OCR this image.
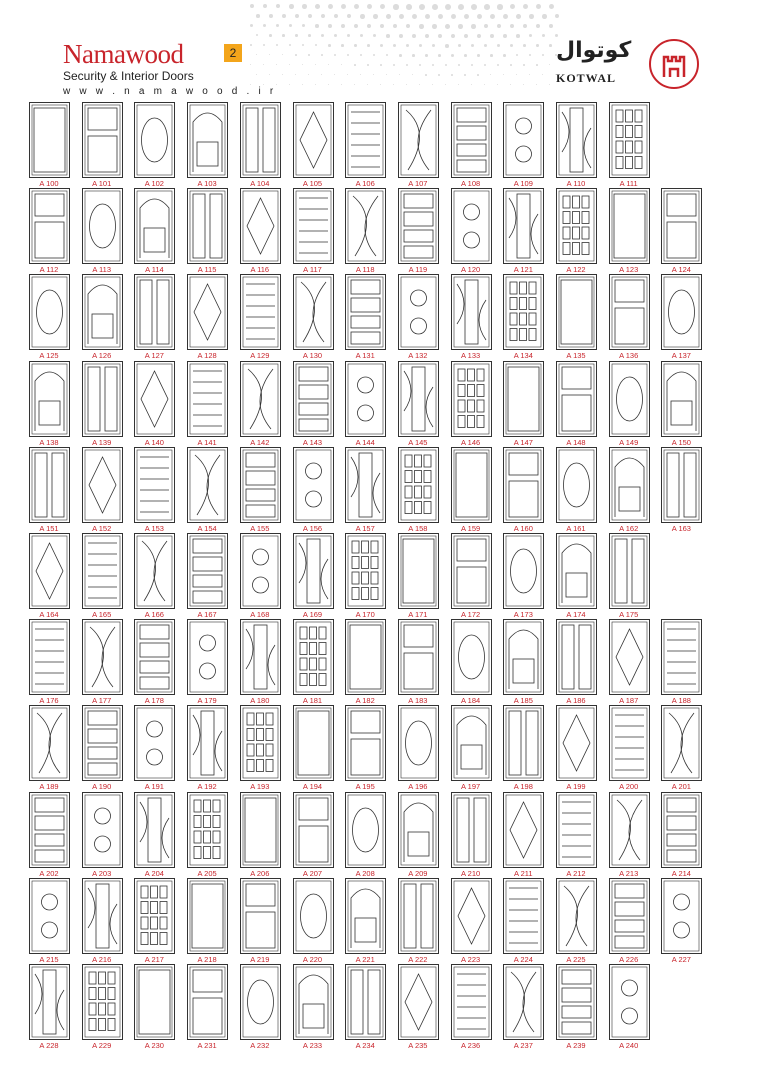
Namawood
Security & Interior Doors
w w w . n a m a w o o d . i r
2	کوتوال
KOTWAL
A 100	A 101	A 102	A 103	A 104	A 105	A 106	A 107	A 108	A 109	A 110	A 111
A 112	A 113	A 114	A 115	A 116	A 117	A 118	A 119	A 120	A 121	A 122	A 123	A 124
A 125	A 126	A 127	A 128	A 129	A 130	A 131	A 132	A 133	A 134	A 135	A 136	A 137
A 138	A 139	A 140	A 141	A 142	A 143	A 144	A 145	A 146	A 147	A 148	A 149	A 150
A 151	A 152	A 153	A 154	A 155	A 156	A 157	A 158	A 159	A 160	A 161	A 162	A 163
A 164	A 165	A 166	A 167	A 168	A 169	A 170	A 171	A 172	A 173	A 174	A 175
A 176	A 177	A 178	A 179	A 180	A 181	A 182	A 183	A 184	A 185	A 186	A 187	A 188
A 189	A 190	A 191	A 192	A 193	A 194	A 195	A 196	A 197	A 198	A 199	A 200	A 201
A 202	A 203	A 204	A 205	A 206	A 207	A 208	A 209	A 210	A 211	A 212	A 213	A 214
A 215	A 216	A 217	A 218	A 219	A 220	A 221	A 222	A 223	A 224	A 225	A 226	A 227
A 228	A 229	A 230	A 231	A 232	A 233	A 234	A 235	A 236	A 237	A 239	A 240
